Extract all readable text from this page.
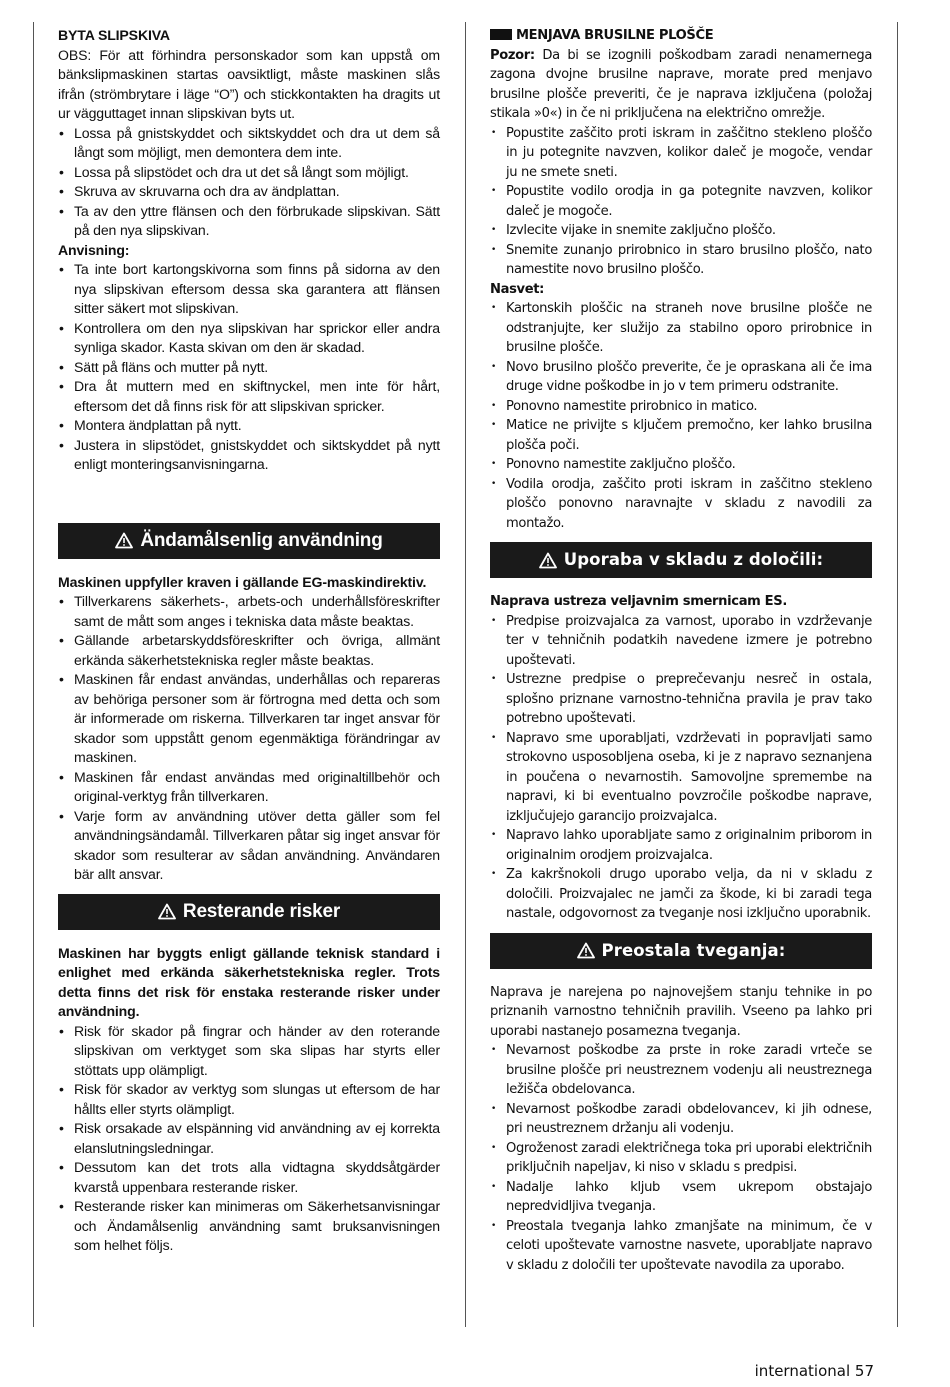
BYTA SLIPSKIVA

OBS: För att förhindra personskador som kan uppstå om bänkslipmaskinen startas oavsiktligt, måste maskinen slås ifrån (strömbrytare i läge “O”) och stickkontakten ha dragits ut ur vägguttaget innan slipskivan byts ut.

• Lossa på gnistskyddet och siktskyddet och dra ut dem så långt som möjligt, men demontera dem inte.
• Lossa på slipstödet och dra ut det så långt som möjligt.
• Skruva av skruvarna och dra av ändplattan.
• Ta av den yttre flänsen och den förbrukade slipskivan. Sätt på den nya slipskivan.

Anvisning:

• Ta inte bort kartongskivorna som finns på sidorna av den nya slipskivan eftersom dessa ska garantera att flänsen sitter säkert mot slipskivan.
• Kontrollera om den nya slipskivan har sprickor eller andra synliga skador. Kasta skivan om den är skadad.
• Sätt på fläns och mutter på nytt.
• Dra åt muttern med en skiftnyckel, men inte för hårt, eftersom det då finns risk för att slipskivan spricker.
• Montera ändplattan på nytt.
• Justera in slipstödet, gnistskyddet och siktskyddet på nytt enligt monteringsanvisningarna.
Ändamålsenlig användning

Maskinen uppfyller kraven i gällande EG-maskindirektiv.

• Tillverkarens säkerhets-, arbets-och underhållsföreskrifter samt de mått som anges i tekniska data måste beaktas.
• Gällande arbetarskyddsföreskrifter och övriga, allmänt erkända säkerhetstekniska regler måste beaktas.
• Maskinen får endast användas, underhållas och repareras av behöriga personer som är förtrogna med detta och som är informerade om riskerna. Tillverkaren tar inget ansvar för skador som uppstått genom egenmäktiga förändringar av maskinen.
• Maskinen får endast användas med originaltillbehör och original-verktyg från tillverkaren.
• Varje form av användning utöver detta gäller som fel användningsändamål. Tillverkaren påtar sig inget ansvar för skador som resulterar av sådan användning. Användaren bär allt ansvar.
Resterande risker

Maskinen har byggts enligt gällande teknisk standard i enlighet med erkända säkerhetstekniska regler. Trots detta finns det risk för enstaka resterande risker under användning.

• Risk för skador på fingrar och händer av den roterande slipskivan om verktyget som ska slipas har styrts eller stöttats upp olämpligt.
• Risk för skador av verktyg som slungas ut eftersom de har hållts eller styrts olämpligt.
• Risk orsakade av elspänning vid användning av ej korrekta elanslutningsledningar.
• Dessutom kan det trots alla vidtagna skyddsåtgärder kvarstå uppenbara resterande risker.
• Resterande risker kan minimeras om Säkerhetsanvisningar och Ändamålsenlig användning samt bruksanvisningen som helhet följs.

MENJAVA BRUSILNE PLOŠČE

Pozor: Da bi se izognili poškodbam zaradi nenamernega zagona dvojne brusilne naprave, morate pred menjavo brusilne plošče preveriti, če je naprava izključena (položaj stikala »0«) in če ni priključena na električno omrežje.

• Popustite zaščito proti iskram in zaščitno stekleno ploščo in ju potegnite navzven, kolikor daleč je mogoče, vendar ju ne smete sneti.
• Popustite vodilo orodja in ga potegnite navzven, kolikor daleč je mogoče.
• Izvlecite vijake in snemite zaključno ploščo.
• Snemite zunanjo prirobnico in staro brusilno ploščo, nato namestite novo brusilno ploščo.

Nasvet:

• Kartonskih ploščic na straneh nove brusilne plošče ne odstranjujte, ker služijo za stabilno oporo prirobnice in brusilne plošče.
• Novo brusilno ploščo preverite, če je opraskana ali če ima druge vidne poškodbe in jo v tem primeru odstranite.
• Ponovno namestite prirobnico in matico.
• Matice ne privijte s ključem premočno, ker lahko brusilna plošča poči.
• Ponovno namestite zaključno ploščo.
• Vodila orodja, zaščito proti iskram in zaščitno stekleno ploščo ponovno naravnajte v skladu z navodili za montažo.
Uporaba v skladu z določili:

Naprava ustreza veljavnim smernicam ES.

• Predpise proizvajalca za varnost, uporabo in vzdrževanje ter v tehničnih podatkih navedene izmere je potrebno upoštevati.
• Ustrezne predpise o preprečevanju nesreč in ostala, splošno priznane varnostno-tehnična pravila je prav tako potrebno upoštevati.
• Napravo sme uporabljati, vzdrževati in popravljati samo strokovno usposobljena oseba, ki je z napravo seznanjena in poučena o nevarnostih. Samovoljne spremembe na napravi, ki bi eventualno povzročile poškodbe naprave, izključujejo garancijo proizvajalca.
• Napravo lahko uporabljate samo z originalnim priborom in originalnim orodjem proizvajalca.
• Za kakršnokoli drugo uporabo velja, da ni v skladu z določili. Proizvajalec ne jamči za škode, ki bi zaradi tega nastale, odgovornost za tveganje nosi izključno uporabnik.
Preostala tveganja:

Naprava je narejena po najnovejšem stanju tehnike in po priznanih varnostno tehničnih pravilih. Vseeno pa lahko pri uporabi nastanejo posamezna tveganja.

• Nevarnost poškodbe za prste in roke zaradi vrteče se brusilne plošče pri neustreznem vodenju ali neustreznega ležišča obdelovanca.
• Nevarnost poškodbe zaradi obdelovancev, ki jih odnese, pri neustreznem držanju ali vodenju.
• Ogroženost zaradi električnega toka pri uporabi električnih priključnih napeljav, ki niso v skladu s predpisi.
• Nadalje lahko kljub vsem ukrepom obstajajo nepredvidljiva tveganja.
• Preostala tveganja lahko zmanjšate na minimum, če v celoti upoštevate varnostne nasvete, uporabljate napravo v skladu z določili ter upoštevate navodila za uporabo.
international 57
